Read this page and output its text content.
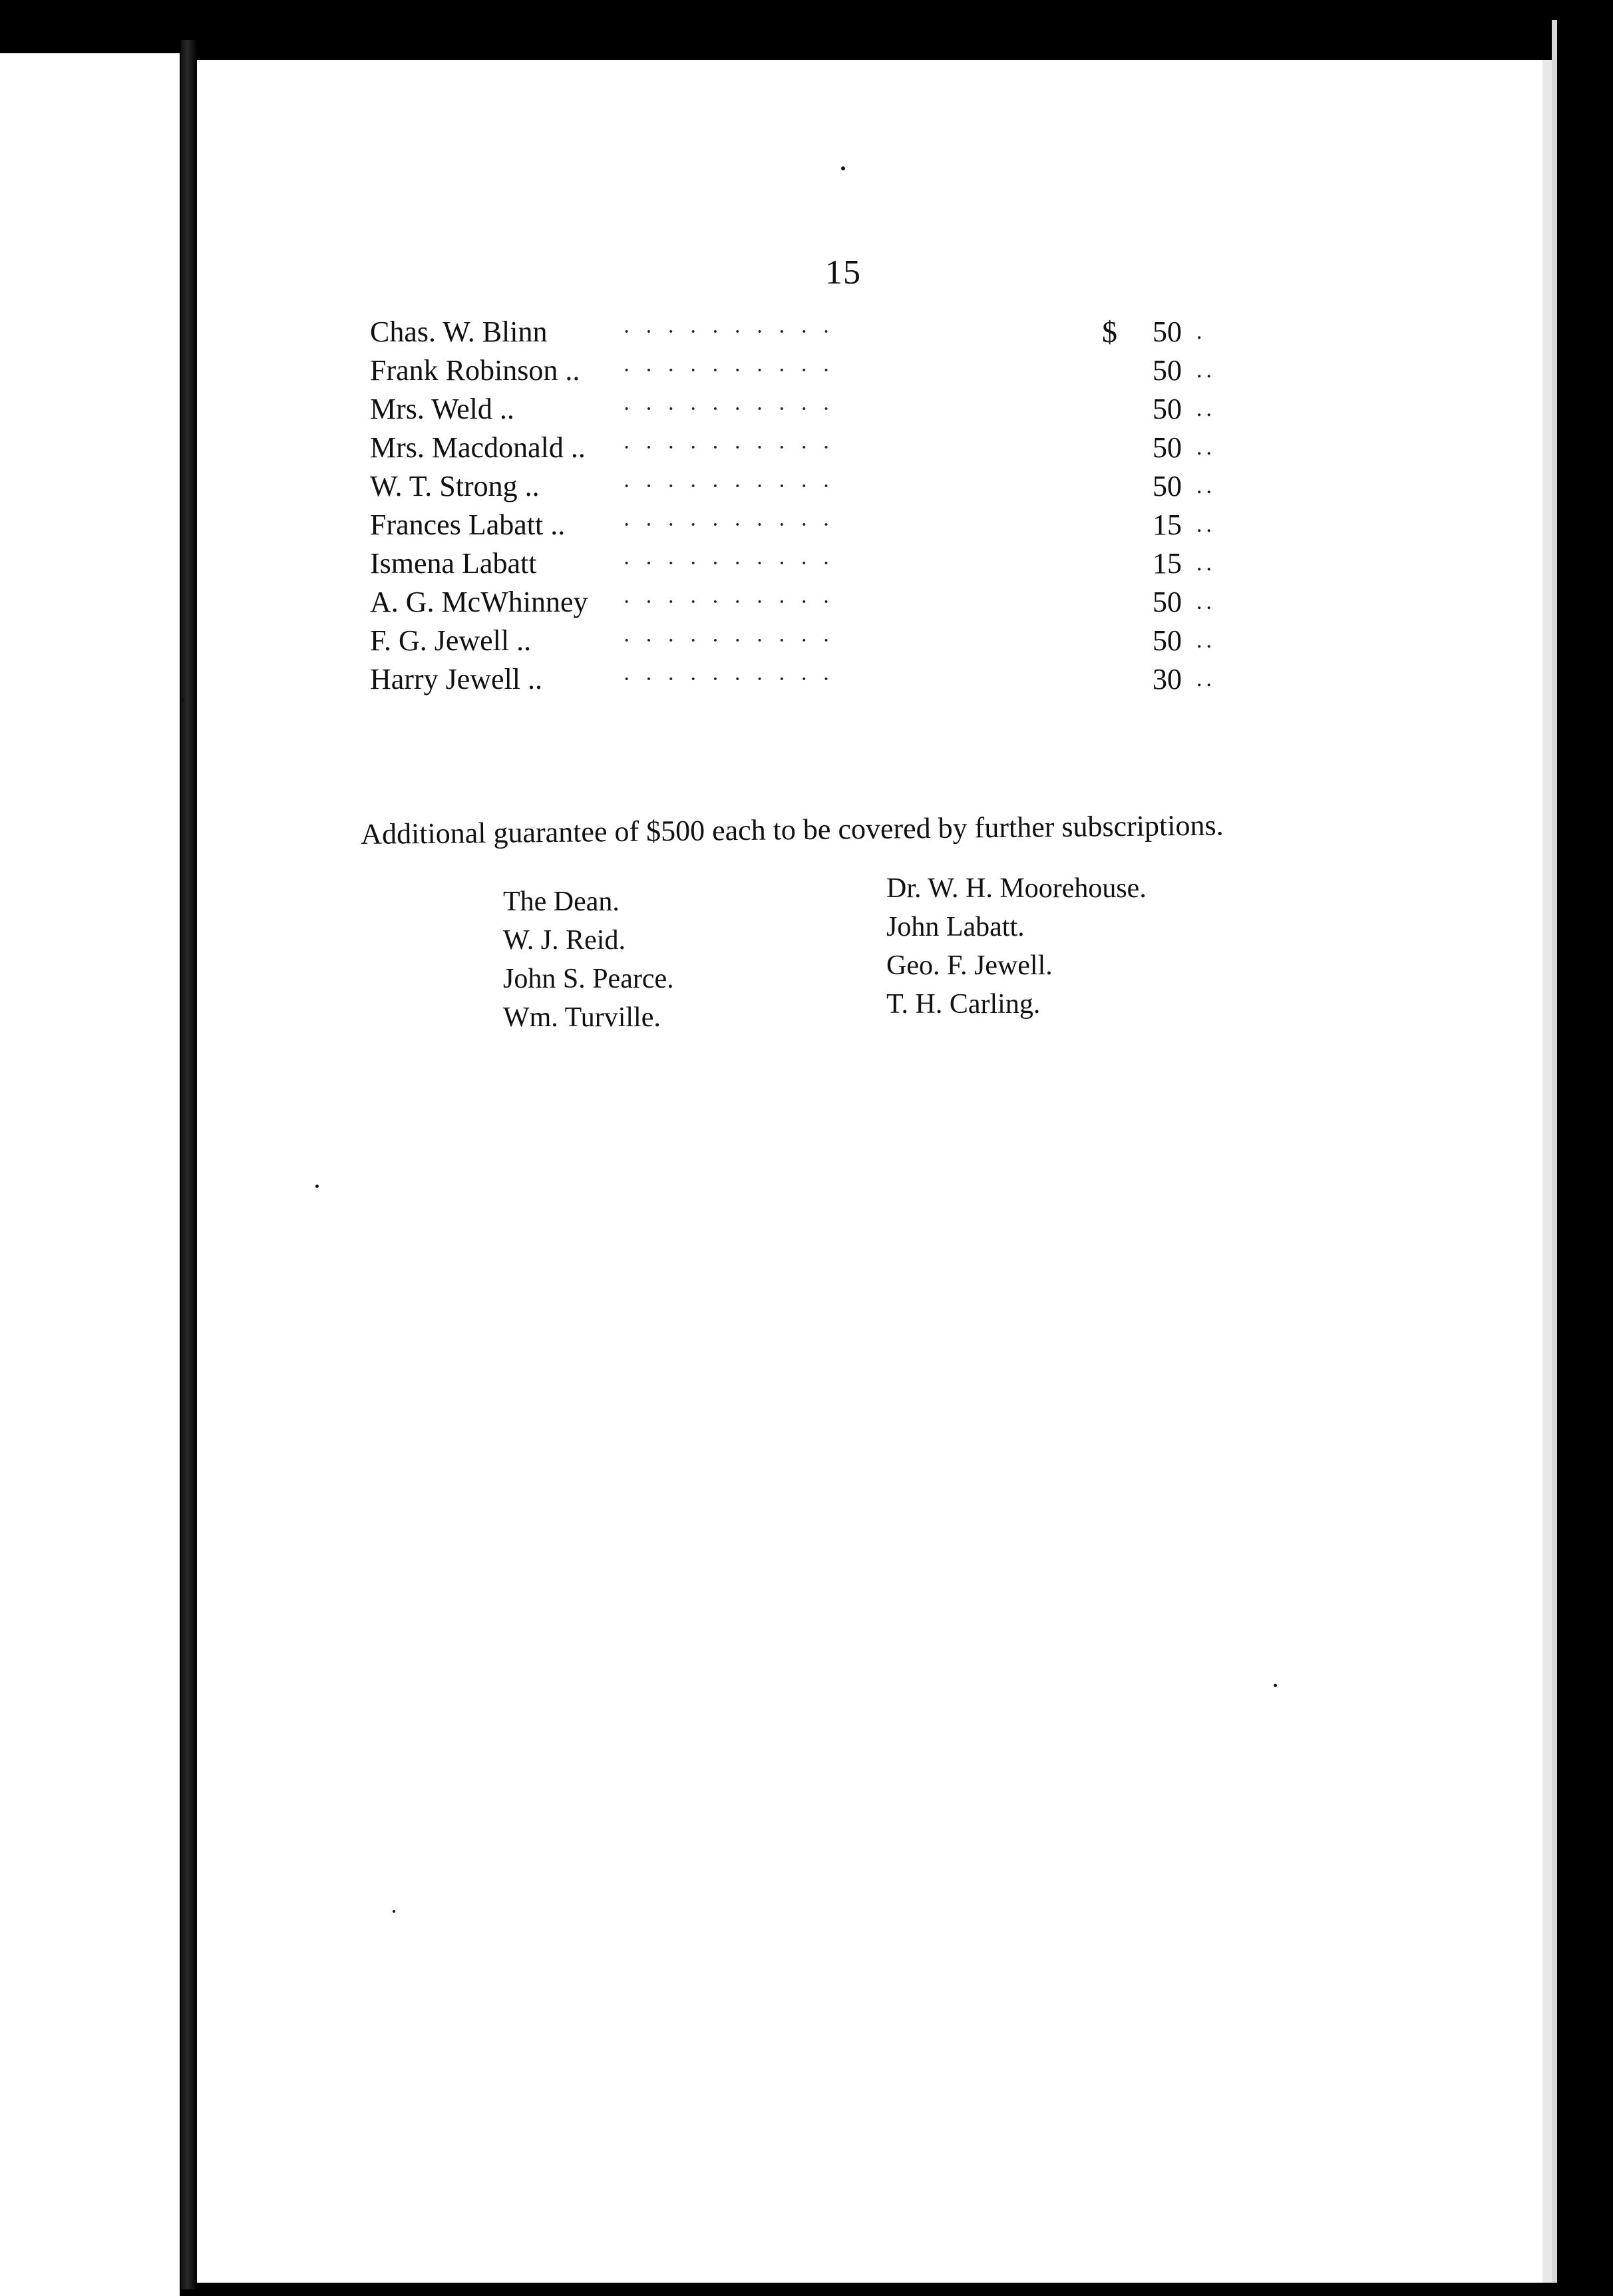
15
Chas. W. Blinn	··········	$ 50 .
Frank Robinson .. ··········	50 ..
Mrs. Weld ..	··········	50 ..
Mrs. Macdonald .. ··········	50 ..
W. T. Strong ..	··········	50 ..
Frances Labatt ..	··········	15 ..
Ismena Labatt	··········	15 ..
A. G. McWhinney ··········	50 ..
F. G. Jewell ..	··········	50 ..
Harry Jewell ..	··········	30 ..
Additional guarantee of $500 each to be covered by further subscriptions.
The Dean.
W. J. Reid.
John S. Pearce.
Wm. Turville.
Dr. W. H. Moorehouse.
John Labatt.
Geo. F. Jewell.
T. H. Carling.
